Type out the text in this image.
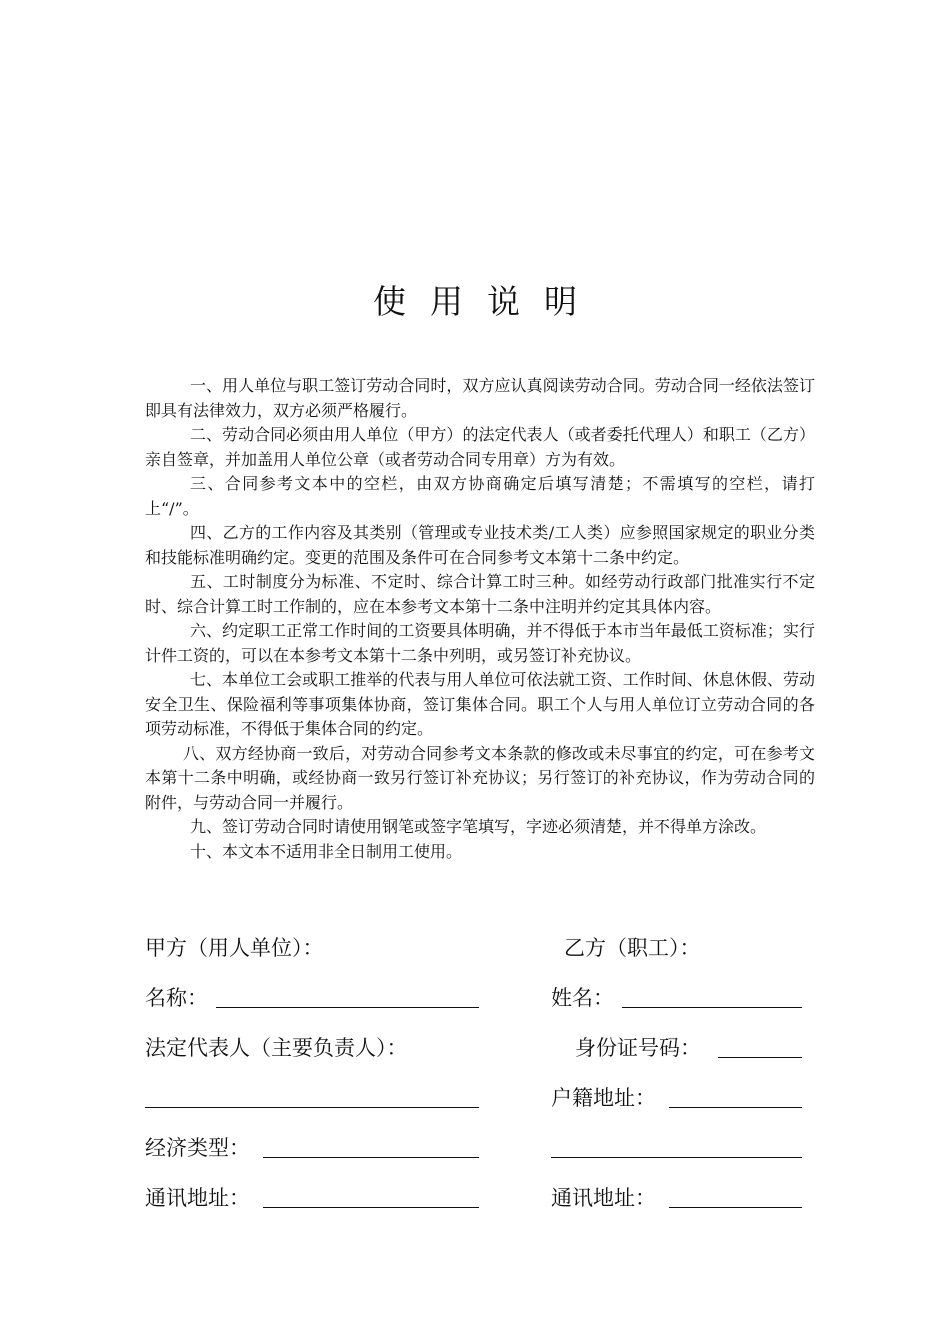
使用说明

一、用人单位与职工签订劳动合同时，双方应认真阅读劳动合同。劳动合同一经依法签订即具有法律效力，双方必须严格履行。

二、劳动合同必须由用人单位（甲方）的法定代表人（或者委托代理人）和职工（乙方）亲自签章，并加盖用人单位公章（或者劳动合同专用章）方为有效。

三、合同参考文本中的空栏，由双方协商确定后填写清楚；不需填写的空栏，请打上“/”。

四、乙方的工作内容及其类别（管理或专业技术类/工人类）应参照国家规定的职业分类和技能标准明确约定。变更的范围及条件可在合同参考文本第十二条中约定。

五、工时制度分为标准、不定时、综合计算工时三种。如经劳动行政部门批准实行不定时、综合计算工时工作制的，应在本参考文本第十二条中注明并约定其具体内容。

六、约定职工正常工作时间的工资要具体明确，并不得低于本市当年最低工资标准；实行计件工资的，可以在本参考文本第十二条中列明，或另签订补充协议。

七、本单位工会或职工推举的代表与用人单位可依法就工资、工作时间、休息休假、劳动安全卫生、保险福利等事项集体协商，签订集体合同。职工个人与用人单位订立劳动合同的各项劳动标准，不得低于集体合同的约定。

八、双方经协商一致后，对劳动合同参考文本条款的修改或未尽事宜的约定，可在参考文本第十二条中明确，或经协商一致另行签订补充协议；另行签订的补充协议，作为劳动合同的附件，与劳动合同一并履行。

九、签订劳动合同时请使用钢笔或签字笔填写，字迹必须清楚，并不得单方涂改。

十、本文本不适用非全日制用工使用。

甲方（用人单位）：
名称：
法定代表人（主要负责人）：
经济类型：
通讯地址：
乙方（职工）：
姓名：
身份证号码：
户籍地址：
通讯地址：
